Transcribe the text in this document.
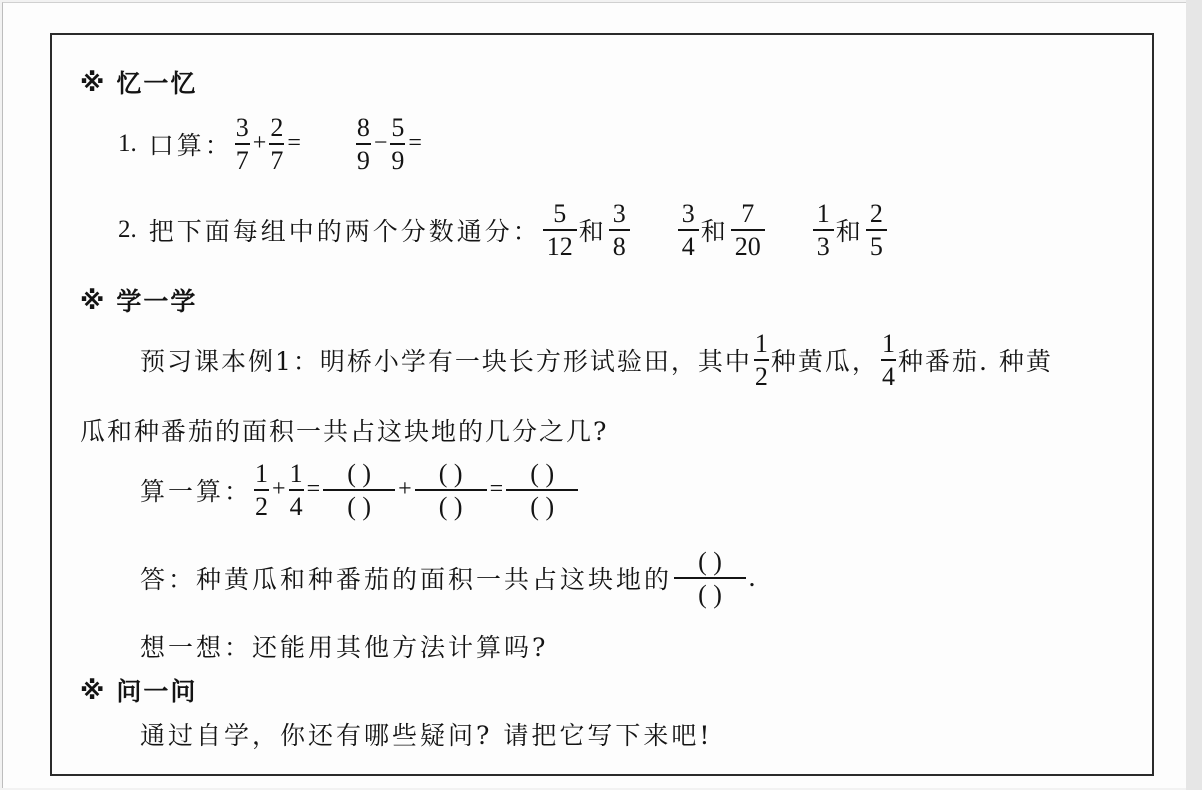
※ 忆一忆
1. 口算： $\frac{3}{7} + \frac{2}{7} = \frac{8}{9} - \frac{5}{9}$ =
2. 把下面每组中的两个分数通分： $\frac{5}{12}$ 和 $\frac{3}{8} \frac{3}{4}$ 和 $\frac{7}{20} \frac{1}{3}$ 和 $\frac{2}{5}$
※ 学一学
预习课本例1：明桥小学有一块长方形试验田，其中 $\frac{1}{2}$ 种黄瓜， $\frac{1}{4}$ 种番茄. 种黄
瓜和种番茄的面积一共占这块地的几分之几?
算一算： $\frac{1}{2} + \frac{1}{4} = \frac{( )}{( )} + \frac{( )}{( )} = \frac{( )}{( )}$
答：种黄瓜和种番茄的面积一共占这块地的 $\frac{( )}{( )}$ .
想一想：还能用其他方法计算吗?
※ 问一问
通过自学，你还有哪些疑问? 请把它写下来吧!
